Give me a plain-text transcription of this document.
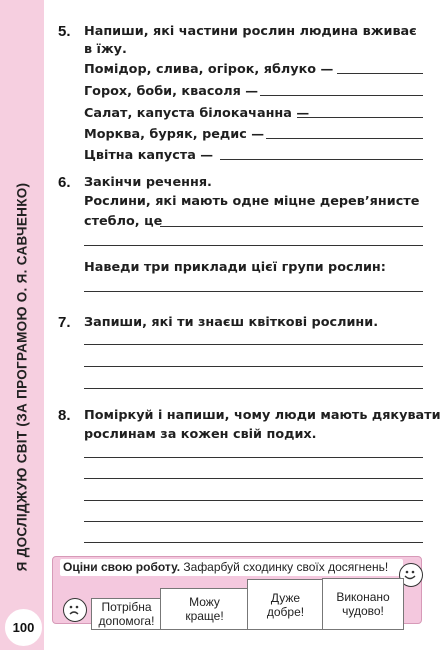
Я ДОСЛІДЖУЮ СВІТ (ЗА ПРОГРАМОЮ О. Я. САВЧЕНКО)
100
5. Напиши, які частини рослин людина вживає
в їжу.
Помідор, слива, огірок, яблуко —
Горох, боби, квасоля —
Салат, капуста білокачанна —
Морква, буряк, редис —
Цвітна капуста —
6. Закінчи речення.
Рослини, які мають одне міцне дерев’янисте
стебло, це
Наведи три приклади цієї групи рослин:
7. Запиши, які ти знаєш квіткові рослини.
8. Поміркуй і напиши, чому люди мають дякувати
рослинам за кожен свій подих.
Оціни свою роботу. Зафарбуй сходинку своїх досягнень!
Потрібна
допомога!
Можу
краще!
Дуже
добре!
Виконано
чудово!
